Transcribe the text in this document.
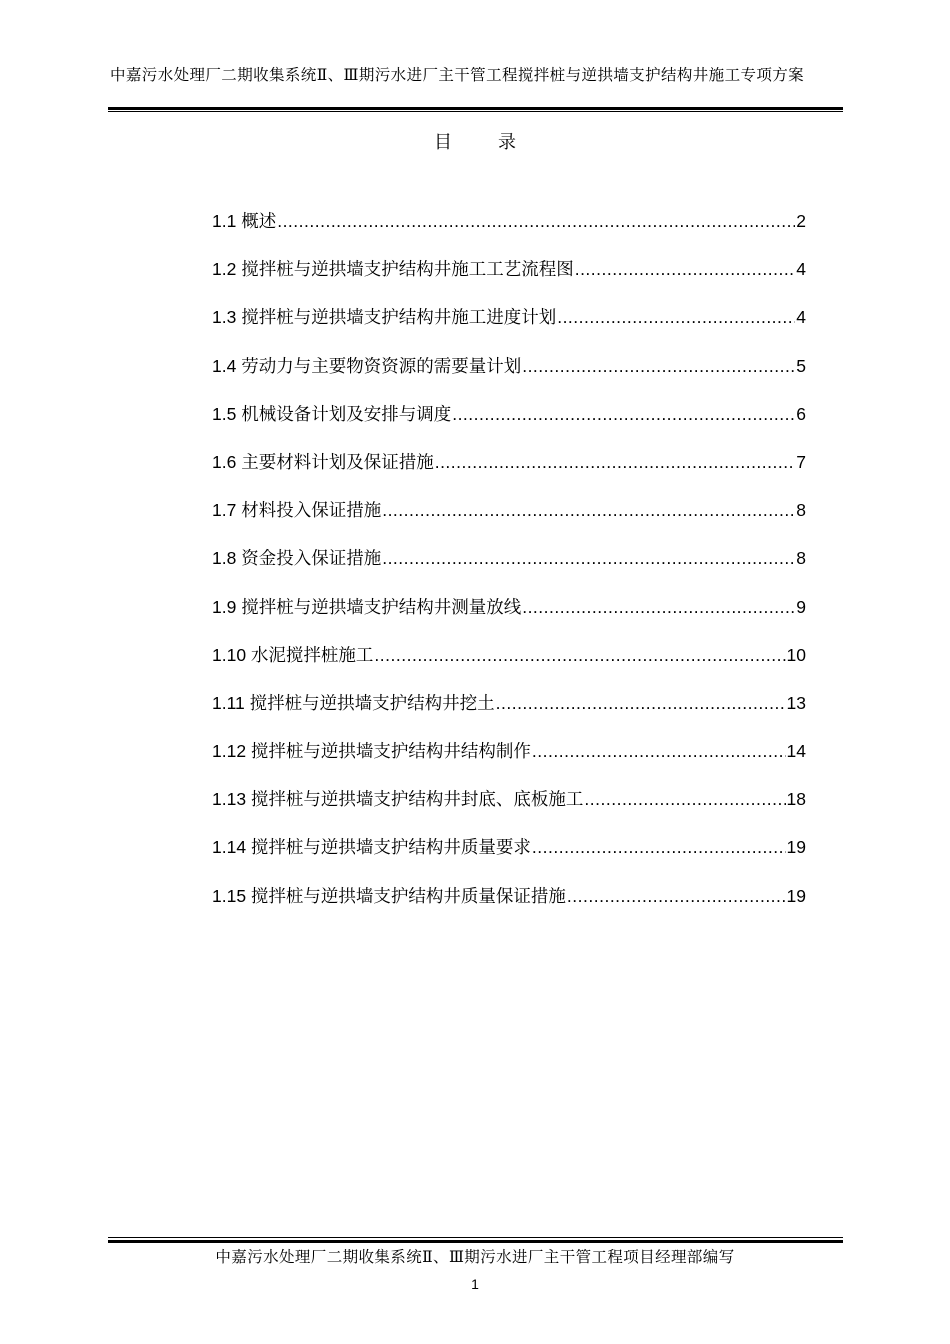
中嘉污水处理厂二期收集系统Ⅱ、Ⅲ期污水进厂主干管工程搅拌桩与逆拱墙支护结构井施工专项方案
目	录
1.1 概述 .....	2
1.2 搅拌桩与逆拱墙支护结构井施工工艺流程图 .....	4
1.3 搅拌桩与逆拱墙支护结构井施工进度计划 .....	4
1.4 劳动力与主要物资资源的需要量计划 .....	5
1.5 机械设备计划及安排与调度 .....	6
1.6 主要材料计划及保证措施 .....	7
1.7 材料投入保证措施 .....	8
1.8 资金投入保证措施 .....	8
1.9 搅拌桩与逆拱墙支护结构井测量放线 .....	9
1.10 水泥搅拌桩施工 .....	10
1.11 搅拌桩与逆拱墙支护结构井挖土 .....	13
1.12 搅拌桩与逆拱墙支护结构井结构制作 .....	14
1.13 搅拌桩与逆拱墙支护结构井封底、底板施工 .....	18
1.14 搅拌桩与逆拱墙支护结构井质量要求 .....	19
1.15 搅拌桩与逆拱墙支护结构井质量保证措施 .....	19
中嘉污水处理厂二期收集系统Ⅱ、Ⅲ期污水进厂主干管工程项目经理部编写
1
